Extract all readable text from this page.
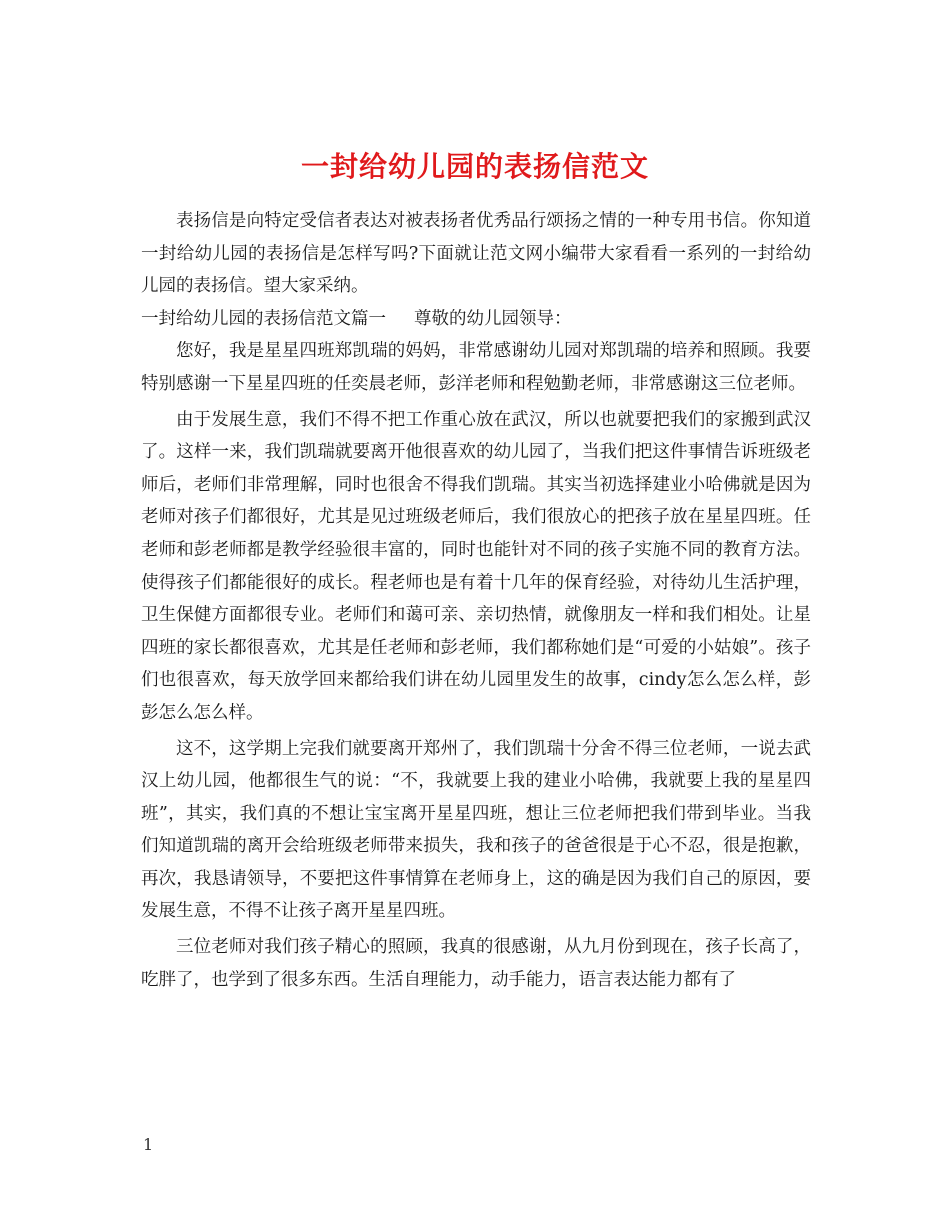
一封给幼儿园的表扬信范文

表扬信是向特定受信者表达对被表扬者优秀品行颂扬之情的一种专用书信。你知道一封给幼儿园的表扬信是怎样写吗?下面就让范文网小编带大家看看一系列的一封给幼儿园的表扬信。望大家采纳。

一封给幼儿园的表扬信范文篇一 尊敬的幼儿园领导：

您好，我是星星四班郑凯瑞的妈妈，非常感谢幼儿园对郑凯瑞的培养和照顾。我要特别感谢一下星星四班的任奕晨老师，彭洋老师和程勉勤老师，非常感谢这三位老师。

由于发展生意，我们不得不把工作重心放在武汉，所以也就要把我们的家搬到武汉了。这样一来，我们凯瑞就要离开他很喜欢的幼儿园了，当我们把这件事情告诉班级老师后，老师们非常理解，同时也很舍不得我们凯瑞。其实当初选择建业小哈佛就是因为老师对孩子们都很好，尤其是见过班级老师后，我们很放心的把孩子放在星星四班。任老师和彭老师都是教学经验很丰富的，同时也能针对不同的孩子实施不同的教育方法。使得孩子们都能很好的成长。程老师也是有着十几年的保育经验，对待幼儿生活护理，卫生保健方面都很专业。老师们和蔼可亲、亲切热情，就像朋友一样和我们相处。让星四班的家长都很喜欢，尤其是任老师和彭老师，我们都称她们是“可爱的小姑娘”。孩子们也很喜欢，每天放学回来都给我们讲在幼儿园里发生的故事，cindy怎么怎么样，彭彭怎么怎么样。

这不，这学期上完我们就要离开郑州了，我们凯瑞十分舍不得三位老师，一说去武汉上幼儿园，他都很生气的说：“不，我就要上我的建业小哈佛，我就要上我的星星四班”，其实，我们真的不想让宝宝离开星星四班，想让三位老师把我们带到毕业。当我们知道凯瑞的离开会给班级老师带来损失，我和孩子的爸爸很是于心不忍，很是抱歉，再次，我恳请领导，不要把这件事情算在老师身上，这的确是因为我们自己的原因，要发展生意，不得不让孩子离开星星四班。

三位老师对我们孩子精心的照顾，我真的很感谢，从九月份到现在，孩子长高了，吃胖了，也学到了很多东西。生活自理能力，动手能力，语言表达能力都有了

1
